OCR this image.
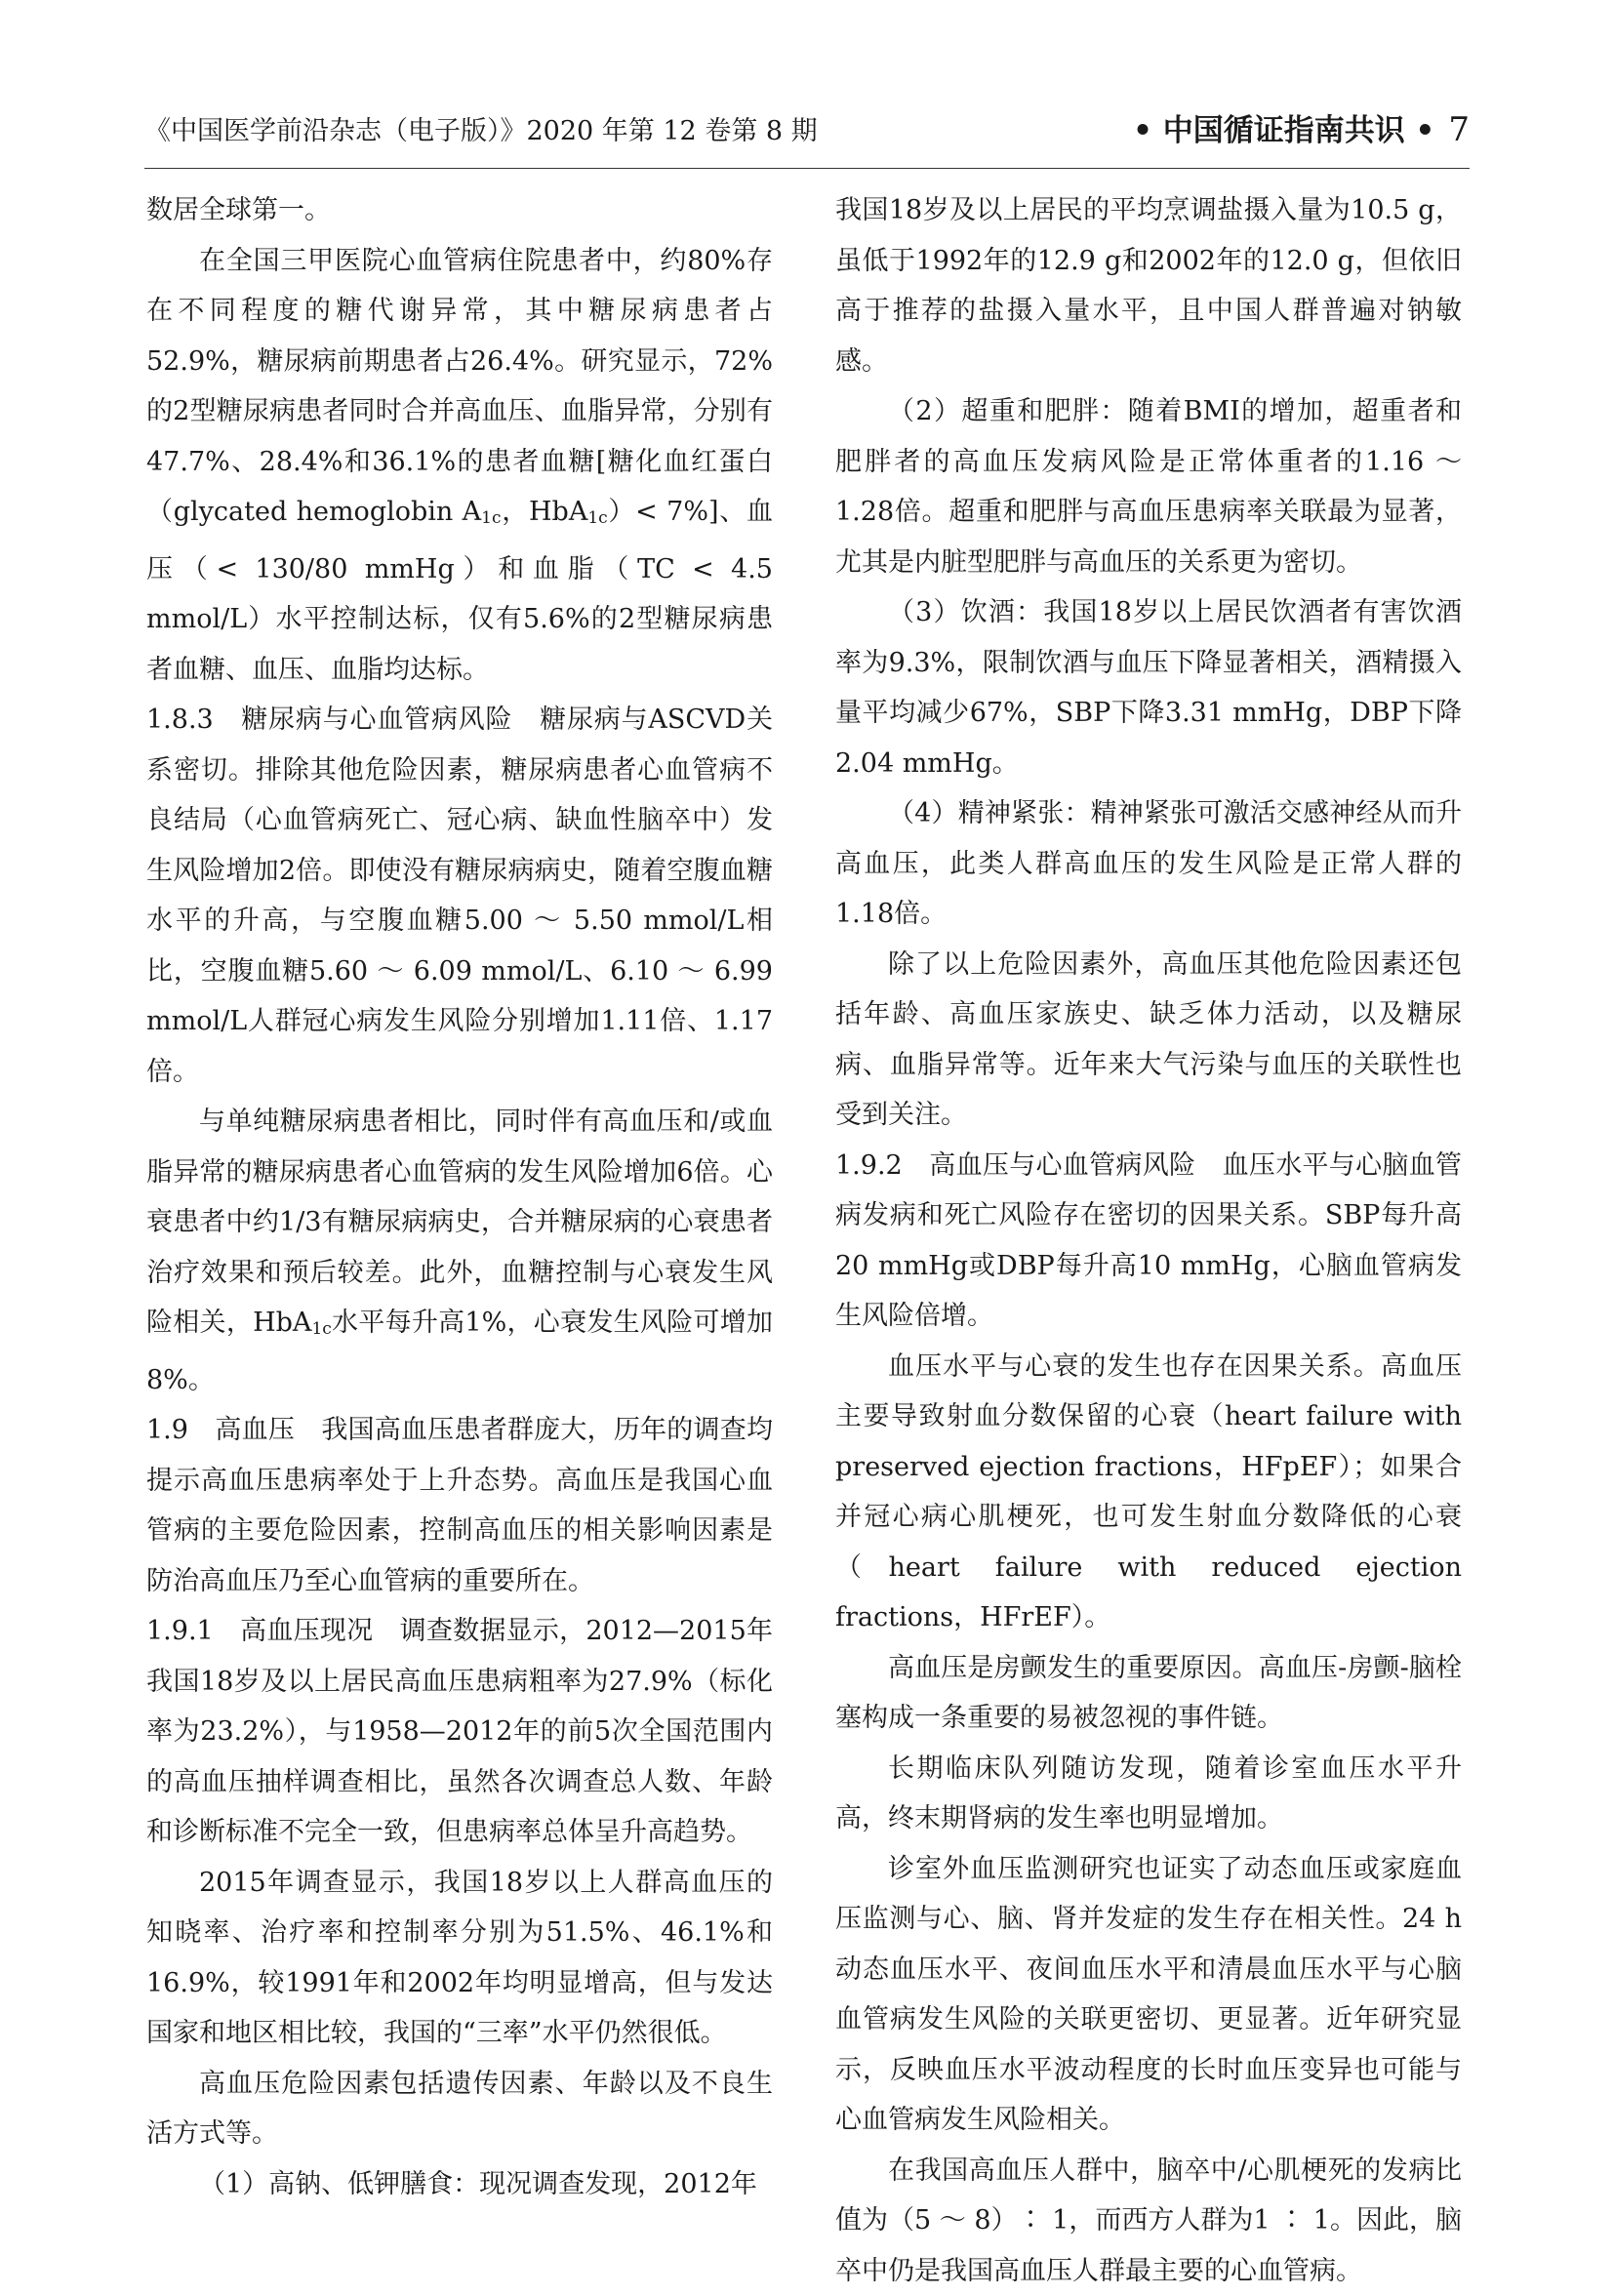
《中国医学前沿杂志（电子版）》2020 年第 12 卷第 8 期	• 中国循证指南共识 • 7

数居全球第一。

在全国三甲医院心血管病住院患者中，约80%存在不同程度的糖代谢异常，其中糖尿病患者占52.9%，糖尿病前期患者占26.4%。研究显示，72%的2型糖尿病患者同时合并高血压、血脂异常，分别有47.7%、28.4%和36.1%的患者血糖[糖化血红蛋白（glycated hemoglobin $A_{1c}$，HbA$_{1c}$）< 7%]、血压（< 130/80 mmHg）和血脂（TC < 4.5 mmol/L）水平控制达标，仅有5.6%的2型糖尿病患者血糖、血压、血脂均达标。

1.8.3　糖尿病与心血管病风险　糖尿病与ASCVD关系密切。排除其他危险因素，糖尿病患者心血管病不良结局（心血管病死亡、冠心病、缺血性脑卒中）发生风险增加2倍。即使没有糖尿病病史，随着空腹血糖水平的升高，与空腹血糖5.00 ～ 5.50 mmol/L相比，空腹血糖5.60 ～ 6.09 mmol/L、6.10 ～ 6.99 mmol/L人群冠心病发生风险分别增加1.11倍、1.17倍。

与单纯糖尿病患者相比，同时伴有高血压和/或血脂异常的糖尿病患者心血管病的发生风险增加6倍。心衰患者中约1/3有糖尿病病史，合并糖尿病的心衰患者治疗效果和预后较差。此外，血糖控制与心衰发生风险相关，HbA$_{1c}$水平每升高1%，心衰发生风险可增加8%。

1.9　高血压　我国高血压患者群庞大，历年的调查均提示高血压患病率处于上升态势。高血压是我国心血管病的主要危险因素，控制高血压的相关影响因素是防治高血压乃至心血管病的重要所在。

1.9.1　高血压现况　调查数据显示，2012—2015年我国18岁及以上居民高血压患病粗率为27.9%（标化率为23.2%），与1958—2012年的前5次全国范围内的高血压抽样调查相比，虽然各次调查总人数、年龄和诊断标准不完全一致，但患病率总体呈升高趋势。

2015年调查显示，我国18岁以上人群高血压的知晓率、治疗率和控制率分别为51.5%、46.1%和16.9%，较1991年和2002年均明显增高，但与发达国家和地区相比较，我国的“三率”水平仍然很低。

高血压危险因素包括遗传因素、年龄以及不良生活方式等。

（1）高钠、低钾膳食：现况调查发现，2012年

我国18岁及以上居民的平均烹调盐摄入量为10.5 g，虽低于1992年的12.9 g和2002年的12.0 g，但依旧高于推荐的盐摄入量水平，且中国人群普遍对钠敏感。

（2）超重和肥胖：随着BMI的增加，超重者和肥胖者的高血压发病风险是正常体重者的1.16 ～ 1.28倍。超重和肥胖与高血压患病率关联最为显著，尤其是内脏型肥胖与高血压的关系更为密切。

（3）饮酒：我国18岁以上居民饮酒者有害饮酒率为9.3%，限制饮酒与血压下降显著相关，酒精摄入量平均减少67%，SBP下降3.31 mmHg，DBP下降2.04 mmHg。

（4）精神紧张：精神紧张可激活交感神经从而升高血压，此类人群高血压的发生风险是正常人群的1.18倍。

除了以上危险因素外，高血压其他危险因素还包括年龄、高血压家族史、缺乏体力活动，以及糖尿病、血脂异常等。近年来大气污染与血压的关联性也受到关注。

1.9.2　高血压与心血管病风险　血压水平与心脑血管病发病和死亡风险存在密切的因果关系。SBP每升高20 mmHg或DBP每升高10 mmHg，心脑血管病发生风险倍增。

血压水平与心衰的发生也存在因果关系。高血压主要导致射血分数保留的心衰（heart failure with preserved ejection fractions，HFpEF）；如果合并冠心病心肌梗死，也可发生射血分数降低的心衰（heart failure with reduced ejection fractions，HFrEF）。

高血压是房颤发生的重要原因。高血压-房颤-脑栓塞构成一条重要的易被忽视的事件链。

长期临床队列随访发现，随着诊室血压水平升高，终末期肾病的发生率也明显增加。

诊室外血压监测研究也证实了动态血压或家庭血压监测与心、脑、肾并发症的发生存在相关性。24 h动态血压水平、夜间血压水平和清晨血压水平与心脑血管病发生风险的关联更密切、更显著。近年研究显示，反映血压水平波动程度的长时血压变异也可能与心血管病发生风险相关。

在我国高血压人群中，脑卒中/心肌梗死的发病比值为（5 ～ 8）∶ 1，而西方人群为1 ∶ 1。因此，脑卒中仍是我国高血压人群最主要的心血管病。
